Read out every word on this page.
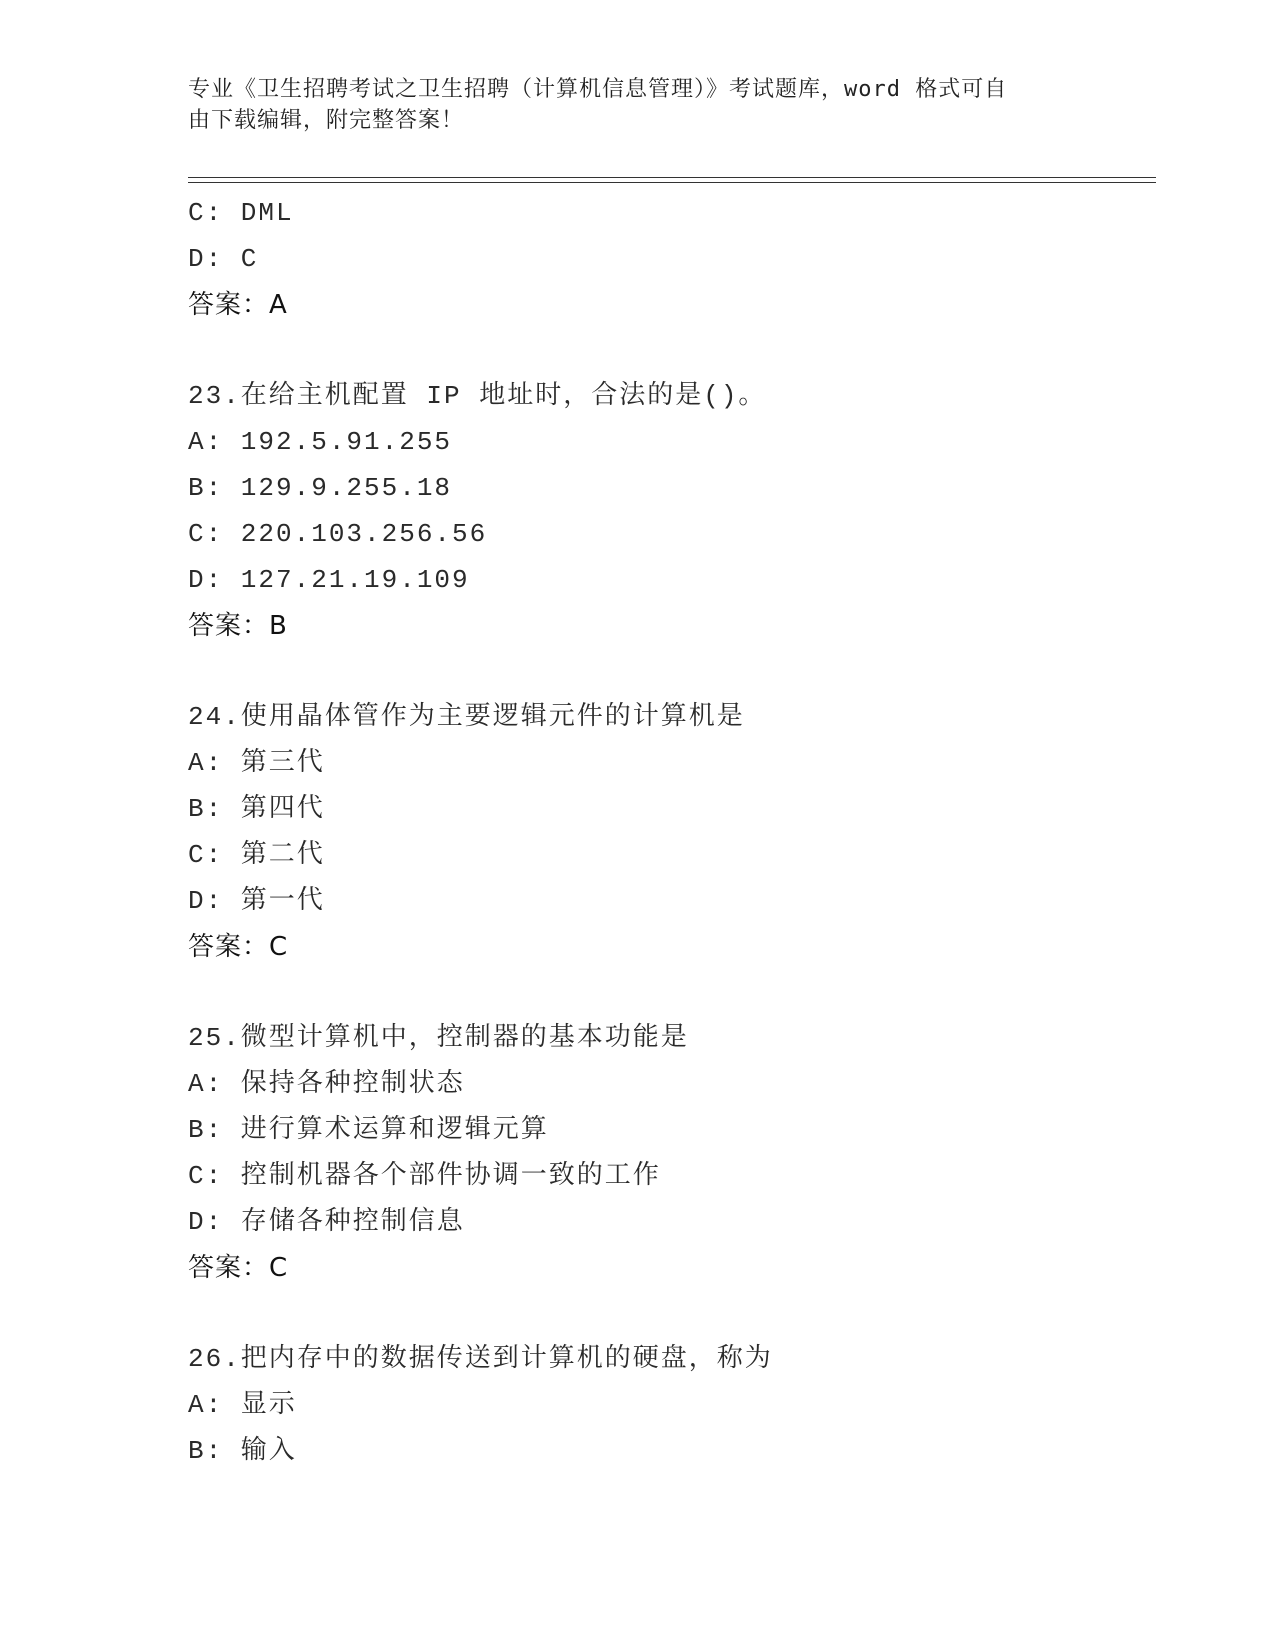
专业《卫生招聘考试之卫生招聘（计算机信息管理）》考试题库，word 格式可自
由下载编辑，附完整答案！
C: DML
D: C
答案：A
23.在给主机配置 IP 地址时，合法的是()。
A: 192.5.91.255
B: 129.9.255.18
C: 220.103.256.56
D: 127.21.19.109
答案：B
24.使用晶体管作为主要逻辑元件的计算机是
A: 第三代
B: 第四代
C: 第二代
D: 第一代
答案：C
25.微型计算机中，控制器的基本功能是
A: 保持各种控制状态
B: 进行算术运算和逻辑元算
C: 控制机器各个部件协调一致的工作
D: 存储各种控制信息
答案：C
26.把内存中的数据传送到计算机的硬盘，称为
A: 显示
B: 输入
